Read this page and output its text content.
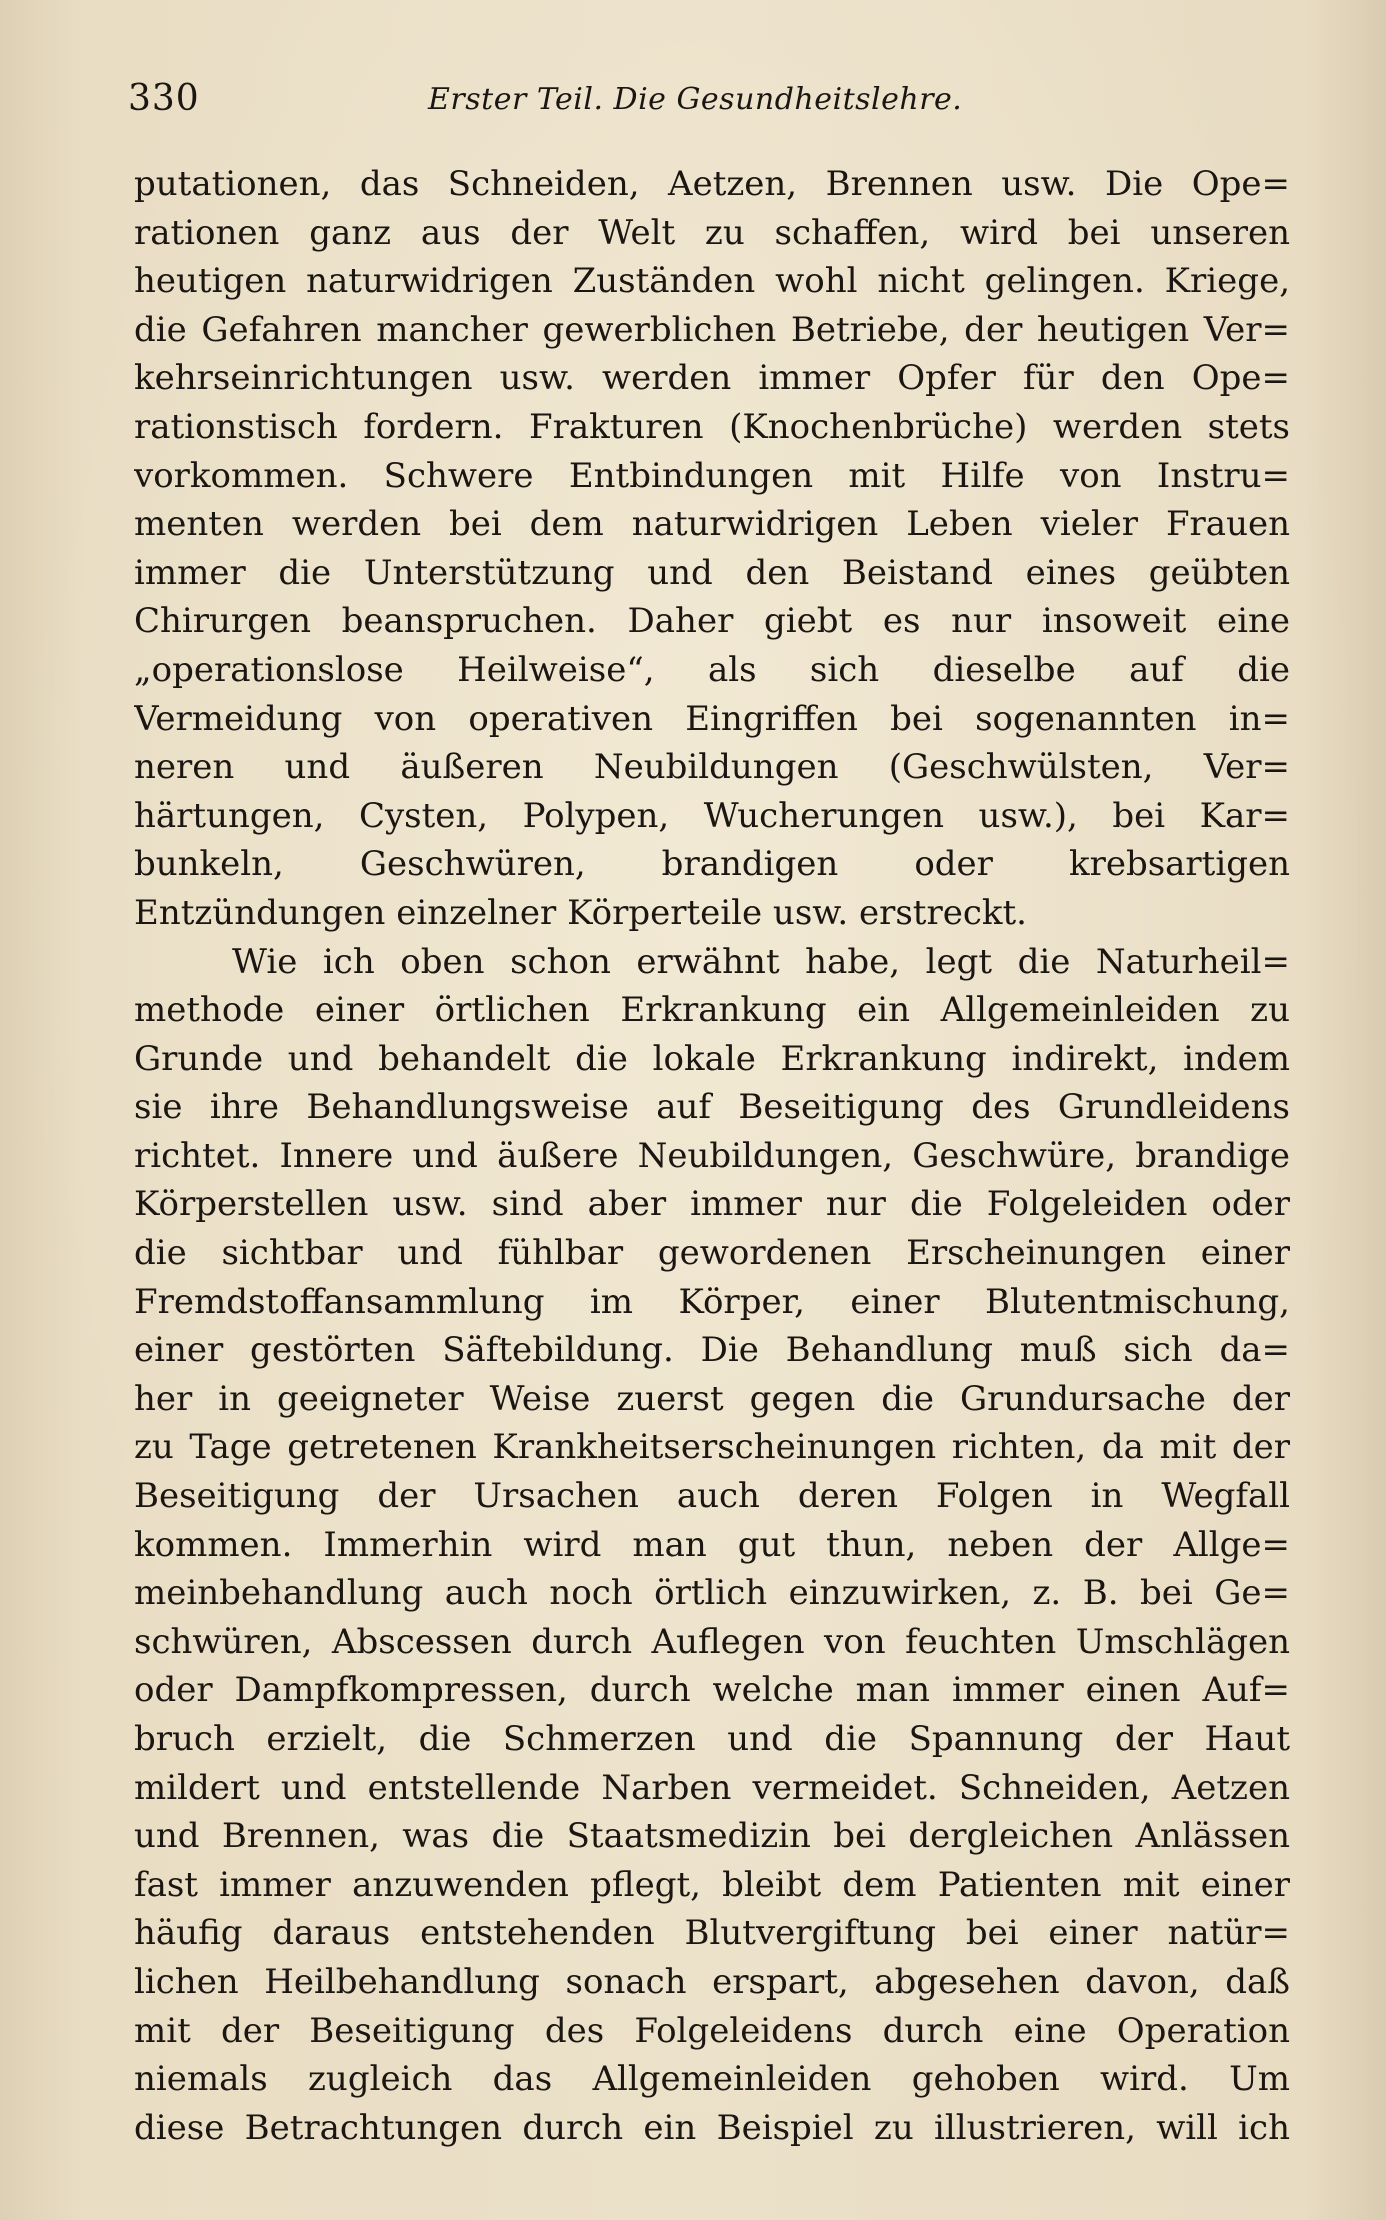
330	Erster Teil. Die Gesundheitslehre.
putationen, das Schneiden, Aetzen, Brennen usw. Die Ope=
rationen ganz aus der Welt zu schaffen, wird bei unseren
heutigen naturwidrigen Zuständen wohl nicht gelingen. Kriege,
die Gefahren mancher gewerblichen Betriebe, der heutigen Ver=
kehrseinrichtungen usw. werden immer Opfer für den Ope=
rationstisch fordern. Frakturen (Knochenbrüche) werden stets
vorkommen. Schwere Entbindungen mit Hilfe von Instru=
menten werden bei dem naturwidrigen Leben vieler Frauen
immer die Unterstützung und den Beistand eines geübten
Chirurgen beanspruchen. Daher giebt es nur insoweit eine
„operationslose Heilweise“, als sich dieselbe auf die
Vermeidung von operativen Eingriffen bei sogenannten in=
neren und äußeren Neubildungen (Geschwülsten, Ver=
härtungen, Cysten, Polypen, Wucherungen usw.), bei Kar=
bunkeln, Geschwüren, brandigen oder krebsartigen
Entzündungen einzelner Körperteile usw. erstreckt.
Wie ich oben schon erwähnt habe, legt die Naturheil=
methode einer örtlichen Erkrankung ein Allgemeinleiden zu
Grunde und behandelt die lokale Erkrankung indirekt, indem
sie ihre Behandlungsweise auf Beseitigung des Grundleidens
richtet. Innere und äußere Neubildungen, Geschwüre, brandige
Körperstellen usw. sind aber immer nur die Folgeleiden oder
die sichtbar und fühlbar gewordenen Erscheinungen einer
Fremdstoffansammlung im Körper, einer Blutentmischung,
einer gestörten Säftebildung. Die Behandlung muß sich da=
her in geeigneter Weise zuerst gegen die Grundursache der
zu Tage getretenen Krankheitserscheinungen richten, da mit der
Beseitigung der Ursachen auch deren Folgen in Wegfall
kommen. Immerhin wird man gut thun, neben der Allge=
meinbehandlung auch noch örtlich einzuwirken, z. B. bei Ge=
schwüren, Abscessen durch Auflegen von feuchten Umschlägen
oder Dampfkompressen, durch welche man immer einen Auf=
bruch erzielt, die Schmerzen und die Spannung der Haut
mildert und entstellende Narben vermeidet. Schneiden, Aetzen
und Brennen, was die Staatsmedizin bei dergleichen Anlässen
fast immer anzuwenden pflegt, bleibt dem Patienten mit einer
häufig daraus entstehenden Blutvergiftung bei einer natür=
lichen Heilbehandlung sonach erspart, abgesehen davon, daß
mit der Beseitigung des Folgeleidens durch eine Operation
niemals zugleich das Allgemeinleiden gehoben wird. Um
diese Betrachtungen durch ein Beispiel zu illustrieren, will ich
